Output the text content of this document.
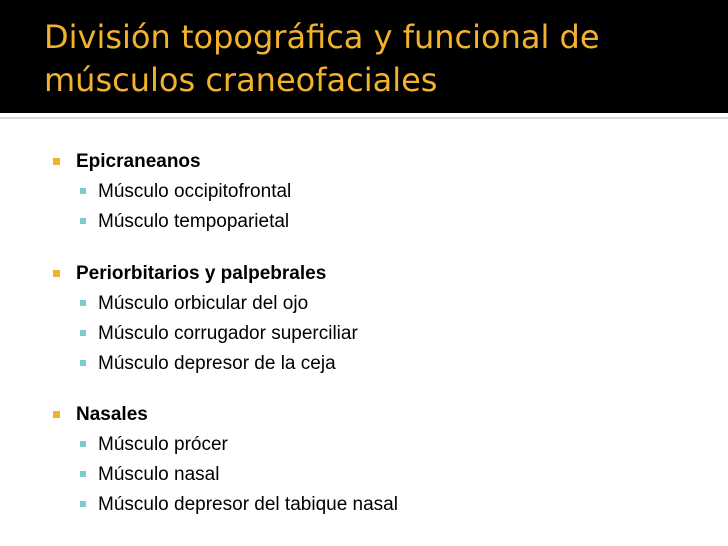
División topográfica y funcional de
músculos craneofaciales
Epicraneanos
Músculo occipitofrontal
Músculo tempoparietal
Periorbitarios y palpebrales
Músculo orbicular del ojo
Músculo corrugador superciliar
Músculo depresor de la ceja
Nasales
Músculo prócer
Músculo nasal
Músculo depresor del tabique nasal
